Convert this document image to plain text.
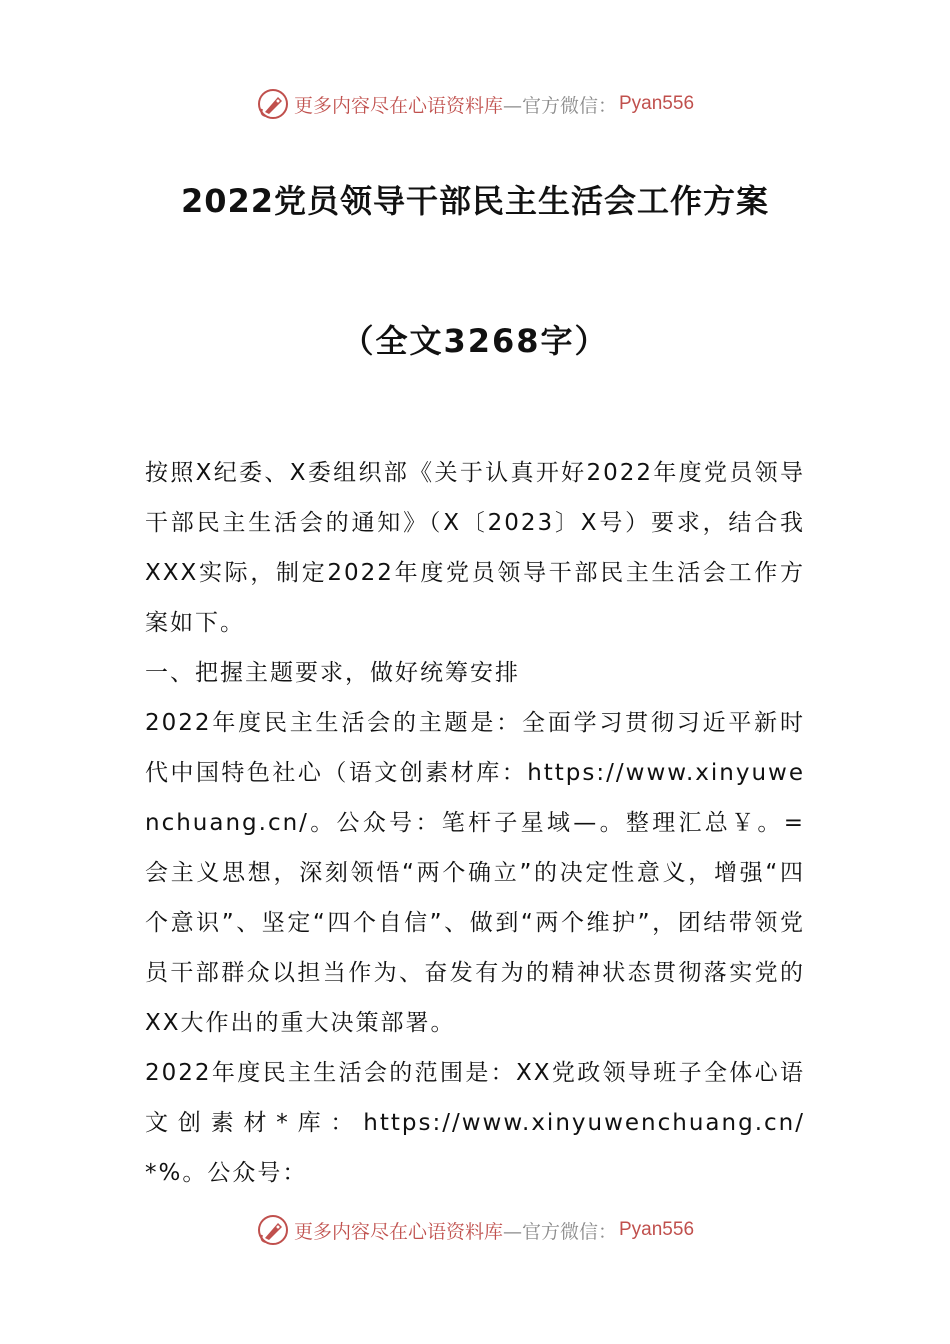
更多内容尽在心语资料库 —官方微信： Pyan556
2022党员领导干部民主生活会工作方案
（全文3268字）

按照X纪委、X委组织部《关于认真开好2022年度党员领导干部民主生活会的通知》（X〔2023〕X号）要求，结合我XXX实际，制定2022年度党员领导干部民主生活会工作方案如下。

一、把握主题要求，做好统筹安排

2022年度民主生活会的主题是：全面学习贯彻习近平新时代中国特色社心（语文创素材库：https://www.xinyuwenchuang.cn/。公众号：笔杆子星域—。整理汇总￥。=会主义思想，深刻领悟“两个确立”的决定性意义，增强“四个意识”、坚定“四个自信”、做到“两个维护”，团结带领党员干部群众以担当作为、奋发有为的精神状态贯彻落实党的XX大作出的重大决策部署。

2022年度民主生活会的范围是：XX党政领导班子全体心语文创素材*库：https://www.xinyuwenchuang.cn/*%。公众号：

更多内容尽在心语资料库 —官方微信： Pyan556
